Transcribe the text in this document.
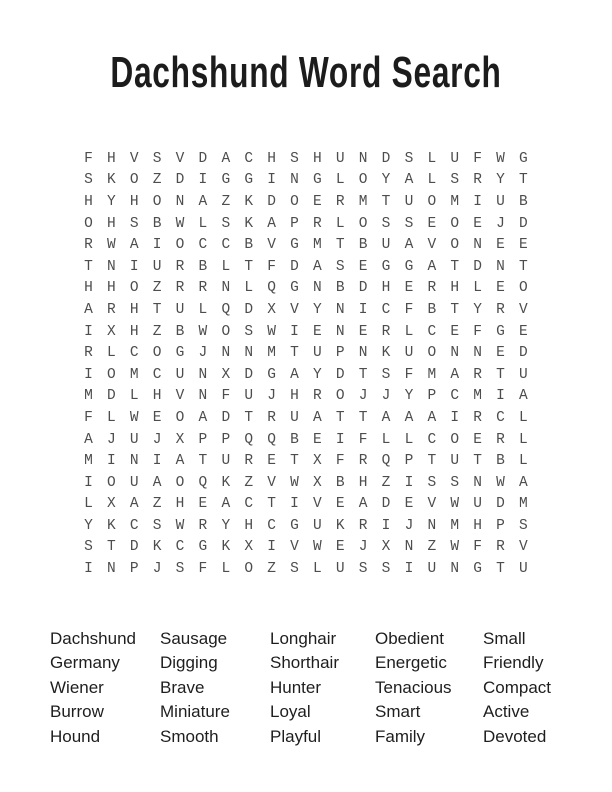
Dachshund Word Search
F H V S V D A C H S H U N D S L U F W G
S K O Z D I G G I N G L O Y A L S R Y T
H Y H O N A Z K D O E R M T U O M I U B
O H S B W L S K A P R L O S S E O E J D
R W A I O C C B V G M T B U A V O N E E
T N I U R B L T F D A S E G G A T D N T
H H O Z R R N L Q G N B D H E R H L E O
A R H T U L Q D X V Y N I C F B T Y R V
I X H Z B W O S W I E N E R L C E F G E
R L C O G J N N M T U P N K U O N N E D
I O M C U N X D G A Y D T S F M A R T U
M D L H V N F U J H R O J J Y P C M I A
F L W E O A D T R U A T T A A A I R C L
A J U J X P P Q Q B E I F L L C O E R L
M I N I A T U R E T X F R Q P T U T B L
I O U A O Q K Z V W X B H Z I S S N W A
L X A Z H E A C T I V E A D E V W U D M
Y K C S W R Y H C G U K R I J N M H P S
S T D K C G K X I V W E J X N Z W F R V
I N P J S F L O Z S L U S S I U N G T U
Dachshund
Germany
Wiener
Burrow
Hound
Sausage
Digging
Brave
Miniature
Smooth
Longhair
Shorthair
Hunter
Loyal
Playful
Obedient
Energetic
Tenacious
Smart
Family
Small
Friendly
Compact
Active
Devoted
